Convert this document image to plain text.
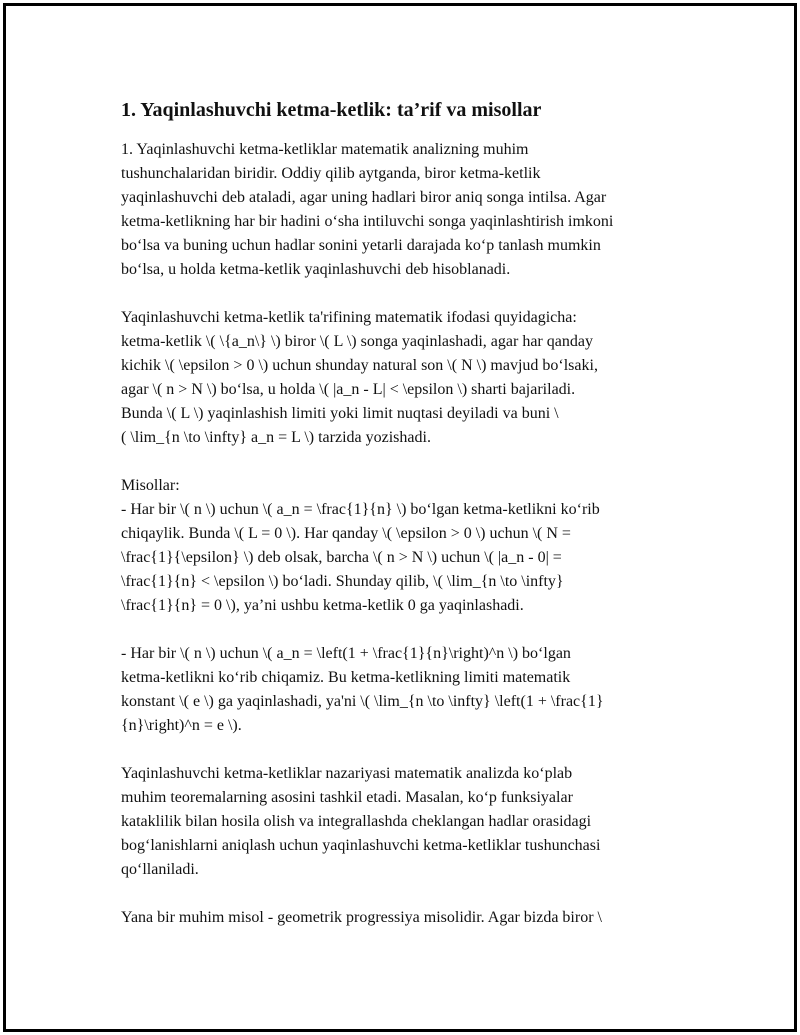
1. Yaqinlashuvchi ketma-ketlik: ta’rif va misollar
1. Yaqinlashuvchi ketma-ketliklar matematik analizning muhim
tushunchalaridan biridir. Oddiy qilib aytganda, biror ketma-ketlik
yaqinlashuvchi deb ataladi, agar uning hadlari biror aniq songa intilsa. Agar
ketma-ketlikning har bir hadini o‘sha intiluvchi songa yaqinlashtirish imkoni
bo‘lsa va buning uchun hadlar sonini yetarli darajada ko‘p tanlash mumkin
bo‘lsa, u holda ketma-ketlik yaqinlashuvchi deb hisoblanadi.
Yaqinlashuvchi ketma-ketlik ta'rifining matematik ifodasi quyidagicha:
ketma-ketlik \( \{a_n\} \) biror \( L \) songa yaqinlashadi, agar har qanday
kichik \( \epsilon > 0 \) uchun shunday natural son \( N \) mavjud bo‘lsaki,
agar \( n > N \) bo‘lsa, u holda \( |a_n - L| < \epsilon \) sharti bajariladi.
Bunda \( L \) yaqinlashish limiti yoki limit nuqtasi deyiladi va buni \
( \lim_{n \to \infty} a_n = L \) tarzida yozishadi.
Misollar:
- Har bir \( n \) uchun \( a_n = \frac{1}{n} \) bo‘lgan ketma-ketlikni ko‘rib
chiqaylik. Bunda \( L = 0 \). Har qanday \( \epsilon > 0 \) uchun \( N =
\frac{1}{\epsilon} \) deb olsak, barcha \( n > N \) uchun \( |a_n - 0| =
\frac{1}{n} < \epsilon \) bo‘ladi. Shunday qilib, \( \lim_{n \to \infty}
\frac{1}{n} = 0 \), ya’ni ushbu ketma-ketlik 0 ga yaqinlashadi.
- Har bir \( n \) uchun \( a_n = \left(1 + \frac{1}{n}\right)^n \) bo‘lgan
ketma-ketlikni ko‘rib chiqamiz. Bu ketma-ketlikning limiti matematik
konstant \( e \) ga yaqinlashadi, ya'ni \( \lim_{n \to \infty} \left(1 + \frac{1}
{n}\right)^n = e \).
Yaqinlashuvchi ketma-ketliklar nazariyasi matematik analizda ko‘plab
muhim teoremalarning asosini tashkil etadi. Masalan, ko‘p funksiyalar
kataklilik bilan hosila olish va integrallashda cheklangan hadlar orasidagi
bog‘lanishlarni aniqlash uchun yaqinlashuvchi ketma-ketliklar tushunchasi
qo‘llaniladi.
Yana bir muhim misol - geometrik progressiya misolidir. Agar bizda biror \
